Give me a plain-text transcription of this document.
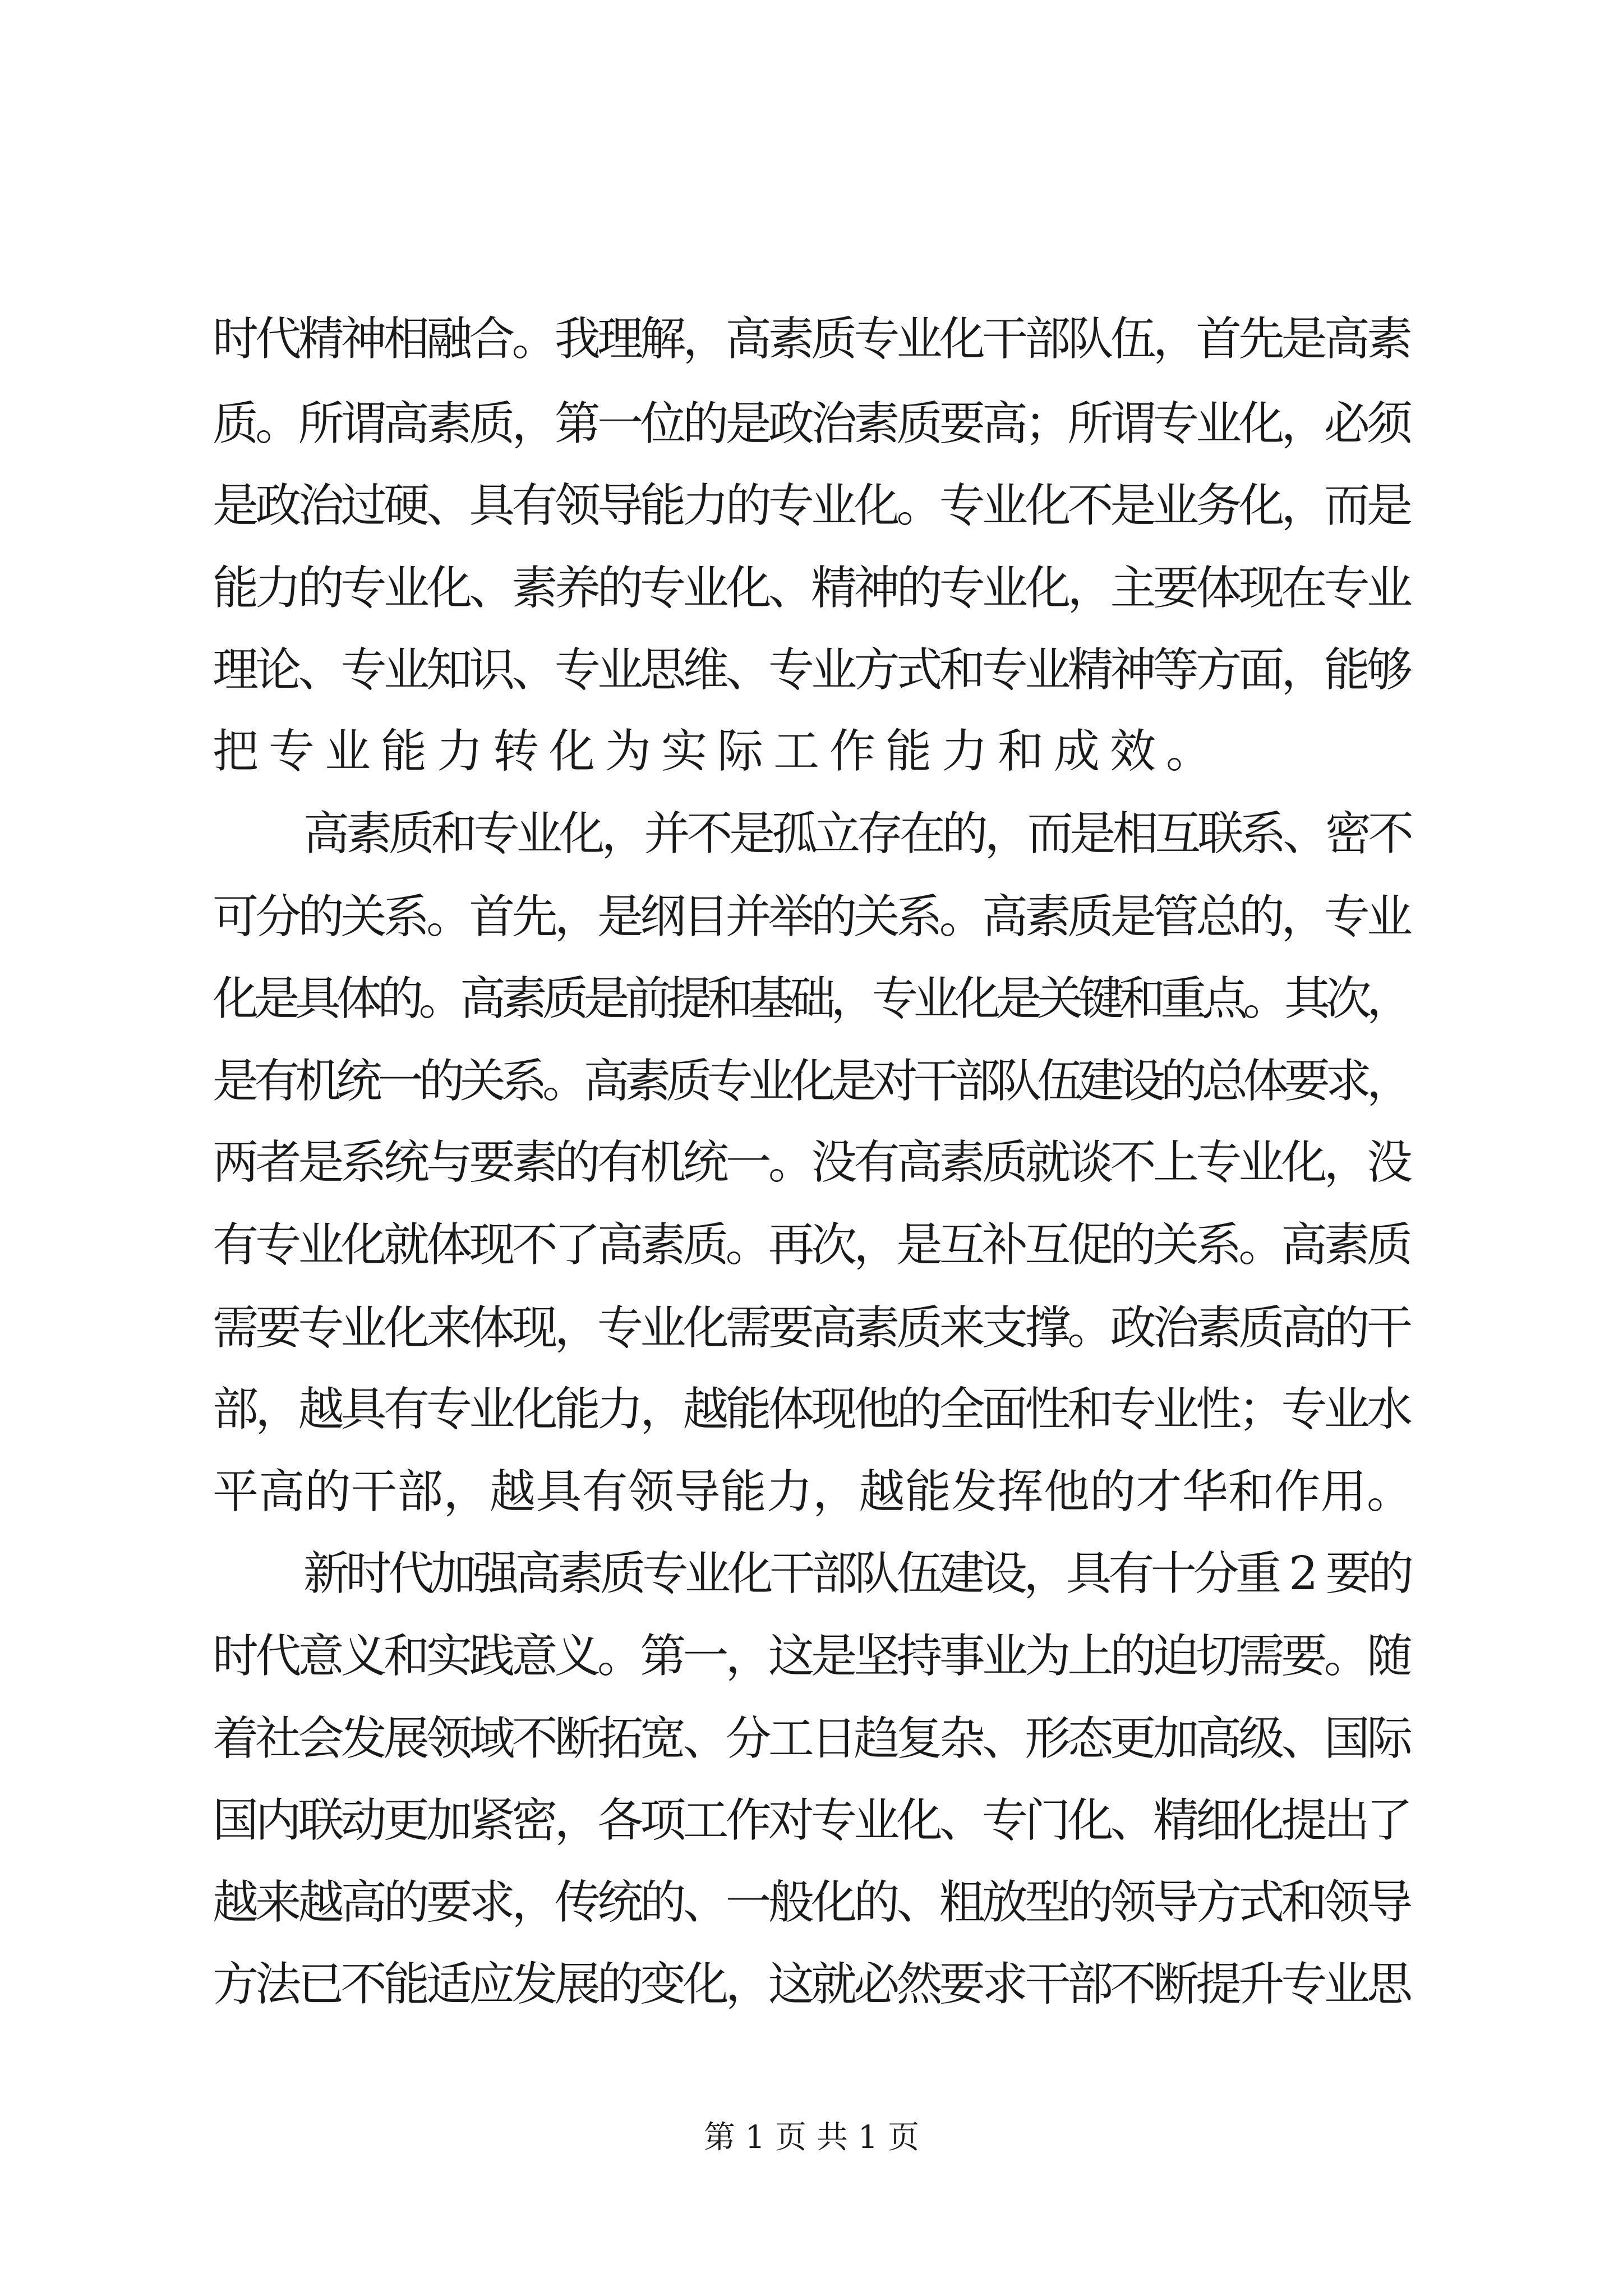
时代精神相融合。我理解，高素质专业化干部队伍，首先是高素
质。所谓高素质，第一位的是政治素质要高；所谓专业化，必须
是政治过硬、具有领导能力的专业化。专业化不是业务化，而是
能力的专业化、素养的专业化、精神的专业化，主要体现在专业
理论、专业知识、专业思维、专业方式和专业精神等方面，能够
把专业能力转化为实际工作能力和成效。
高素质和专业化，并不是孤立存在的，而是相互联系、密不
可分的关系。首先，是纲目并举的关系。高素质是管总的，专业
化是具体的。高素质是前提和基础，专业化是关键和重点。其次，
是有机统一的关系。高素质专业化是对干部队伍建设的总体要求，
两者是系统与要素的有机统一。没有高素质就谈不上专业化，没
有专业化就体现不了高素质。再次，是互补互促的关系。高素质
需要专业化来体现，专业化需要高素质来支撑。政治素质高的干
部，越具有专业化能力，越能体现他的全面性和专业性；专业水
平高的干部，越具有领导能力，越能发挥他的才华和作用。
新时代加强高素质专业化干部队伍建设，具有十分重 2 要的
时代意义和实践意义。第一，这是坚持事业为上的迫切需要。随
着社会发展领域不断拓宽、分工日趋复杂、形态更加高级、国际
国内联动更加紧密，各项工作对专业化、专门化、精细化提出了
越来越高的要求，传统的、一般化的、粗放型的领导方式和领导
方法已不能适应发展的变化，这就必然要求干部不断提升专业思
第 1 页 共 1 页
